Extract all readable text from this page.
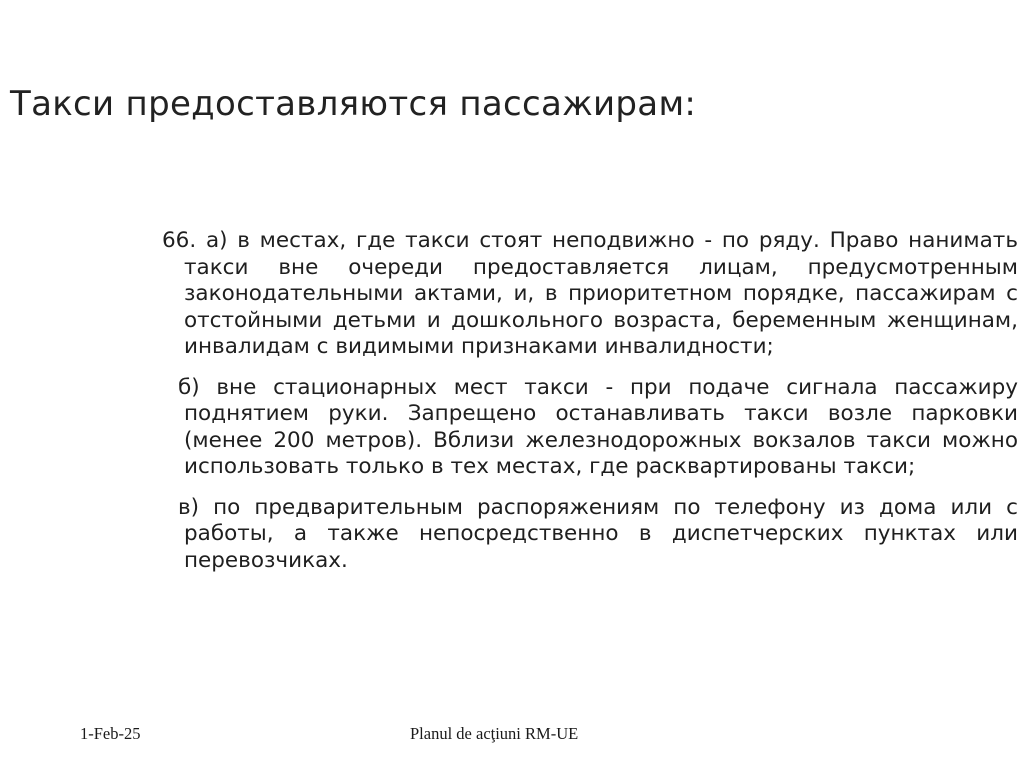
Такси предоставляются пассажирам:

66. а) в местах, где такси стоят неподвижно - по ряду. Право нанимать такси вне очереди предоставляется лицам, предусмотренным законодательными актами, и, в приоритетном порядке, пассажирам с отстойными детьми и дошкольного возраста, беременным женщинам, инвалидам с видимыми признаками инвалидности;

б) вне стационарных мест такси - при подаче сигнала пассажиру поднятием руки. Запрещено останавливать такси возле парковки (менее 200 метров). Вблизи железнодорожных вокзалов такси можно использовать только в тех местах, где расквартированы такси;

в) по предварительным распоряжениям по телефону из дома или с работы, а также непосредственно в диспетчерских пунктах или перевозчиках.

1-Feb-25	Planul de acţiuni RM-UE
